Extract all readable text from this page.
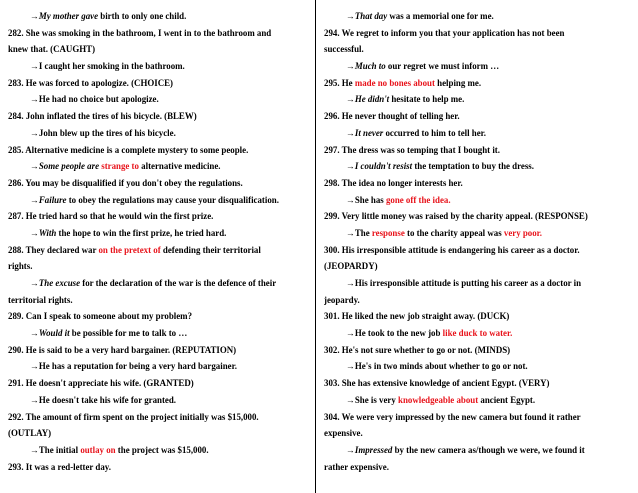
→My mother gave birth to only one child.
282. She was smoking in the bathroom, I went in to the bathroom and
knew that. (CAUGHT)
→I caught her smoking in the bathroom.
283. He was forced to apologize. (CHOICE)
→He had no choice but apologize.
284. John inflated the tires of his bicycle. (BLEW)
→John blew up the tires of his bicycle.
285. Alternative medicine is a complete mystery to some people.
→Some people are strange to alternative medicine.
286. You may be disqualified if you don't obey the regulations.
→Failure to obey the regulations may cause your disqualification.
287. He tried hard so that he would win the first prize.
→With the hope to win the first prize, he tried hard.
288. They declared war on the pretext of defending their territorial
rights.
→The excuse for the declaration of the war is the defence of their
territorial rights.
289. Can I speak to someone about my problem?
→Would it be possible for me to talk to …
290. He is said to be a very hard bargainer. (REPUTATION)
→He has a reputation for being a very hard bargainer.
291. He doesn't appreciate his wife. (GRANTED)
→He doesn't take his wife for granted.
292. The amount of firm spent on the project initially was $15,000.
(OUTLAY)
→The initial outlay on the project was $15,000.
293. It was a red-letter day.
→That day was a memorial one for me.
294. We regret to inform you that your application has not been
successful.
→Much to our regret we must inform …
295. He made no bones about helping me.
→He didn't hesitate to help me.
296. He never thought of telling her.
→It never occurred to him to tell her.
297. The dress was so temping that I bought it.
→I couldn't resist the temptation to buy the dress.
298. The idea no longer interests her.
→She has gone off the idea.
299. Very little money was raised by the charity appeal. (RESPONSE)
→The response to the charity appeal was very poor.
300. His irresponsible attitude is endangering his career as a doctor.
(JEOPARDY)
→His irresponsible attitude is putting his career as a doctor in
jeopardy.
301. He liked the new job straight away. (DUCK)
→He took to the new job like duck to water.
302. He's not sure whether to go or not. (MINDS)
→He's in two minds about whether to go or not.
303. She has extensive knowledge of ancient Egypt. (VERY)
→She is very knowledgeable about ancient Egypt.
304. We were very impressed by the new camera but found it rather
expensive.
→Impressed by the new camera as/though we were, we found it
rather expensive.
